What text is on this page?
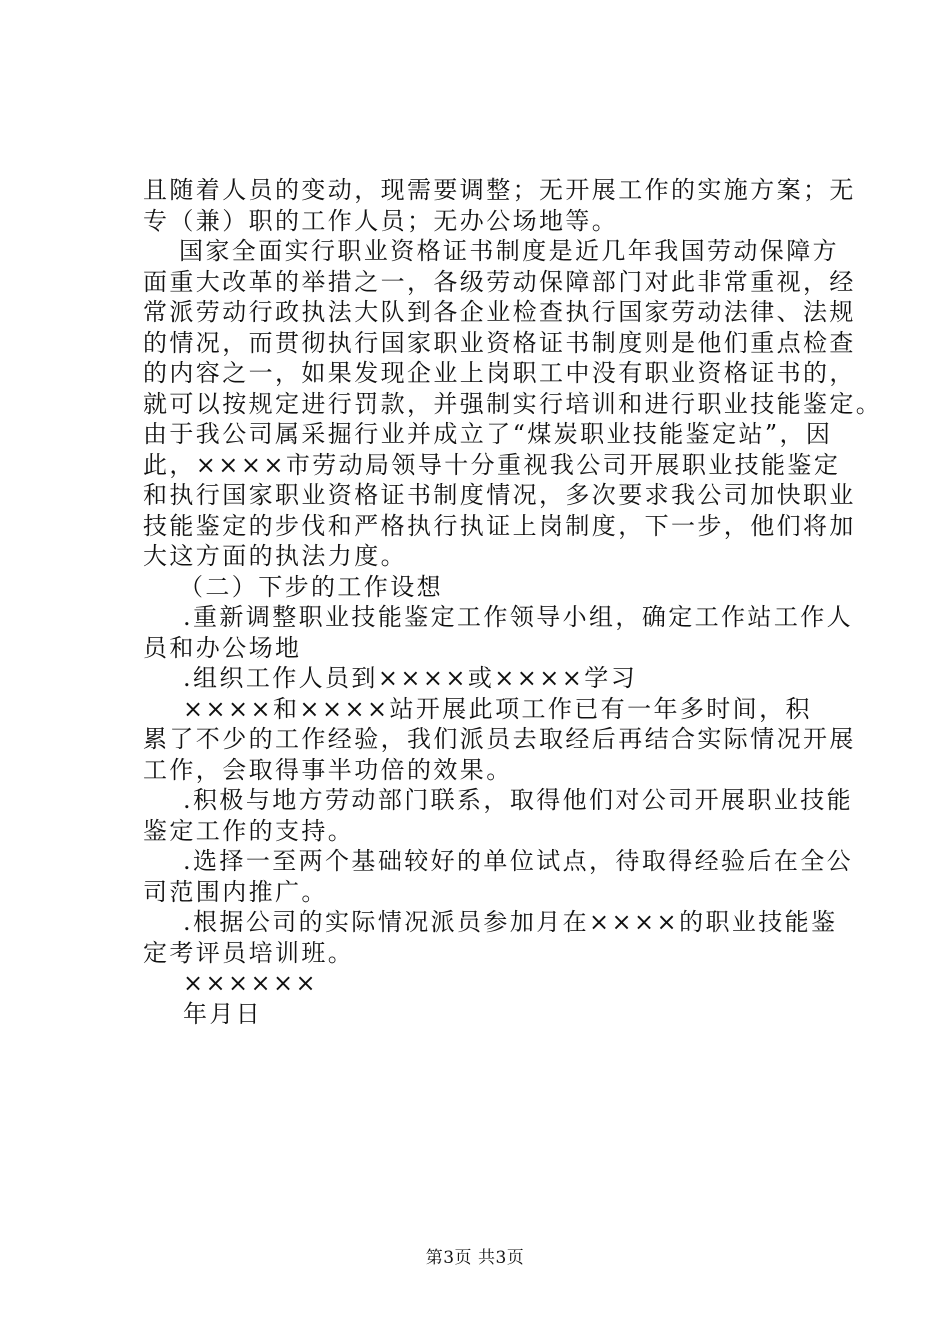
且随着人员的变动，现需要调整；无开展工作的实施方案；无
专（兼）职的工作人员；无办公场地等。
国家全面实行职业资格证书制度是近几年我国劳动保障方
面重大改革的举措之一，各级劳动保障部门对此非常重视，经
常派劳动行政执法大队到各企业检查执行国家劳动法律、法规
的情况，而贯彻执行国家职业资格证书制度则是他们重点检查
的内容之一，如果发现企业上岗职工中没有职业资格证书的，
就可以按规定进行罚款，并强制实行培训和进行职业技能鉴定。
由于我公司属采掘行业并成立了“煤炭职业技能鉴定站”，因
此，××××市劳动局领导十分重视我公司开展职业技能鉴定
和执行国家职业资格证书制度情况，多次要求我公司加快职业
技能鉴定的步伐和严格执行执证上岗制度，下一步，他们将加
大这方面的执法力度。
（二）下步的工作设想
.重新调整职业技能鉴定工作领导小组，确定工作站工作人
员和办公场地
.组织工作人员到××××或××××学习
××××和××××站开展此项工作已有一年多时间，积
累了不少的工作经验，我们派员去取经后再结合实际情况开展
工作，会取得事半功倍的效果。
.积极与地方劳动部门联系，取得他们对公司开展职业技能
鉴定工作的支持。
.选择一至两个基础较好的单位试点，待取得经验后在全公
司范围内推广。
.根据公司的实际情况派员参加月在××××的职业技能鉴
定考评员培训班。
××××××
年月日
第3页 共3页
